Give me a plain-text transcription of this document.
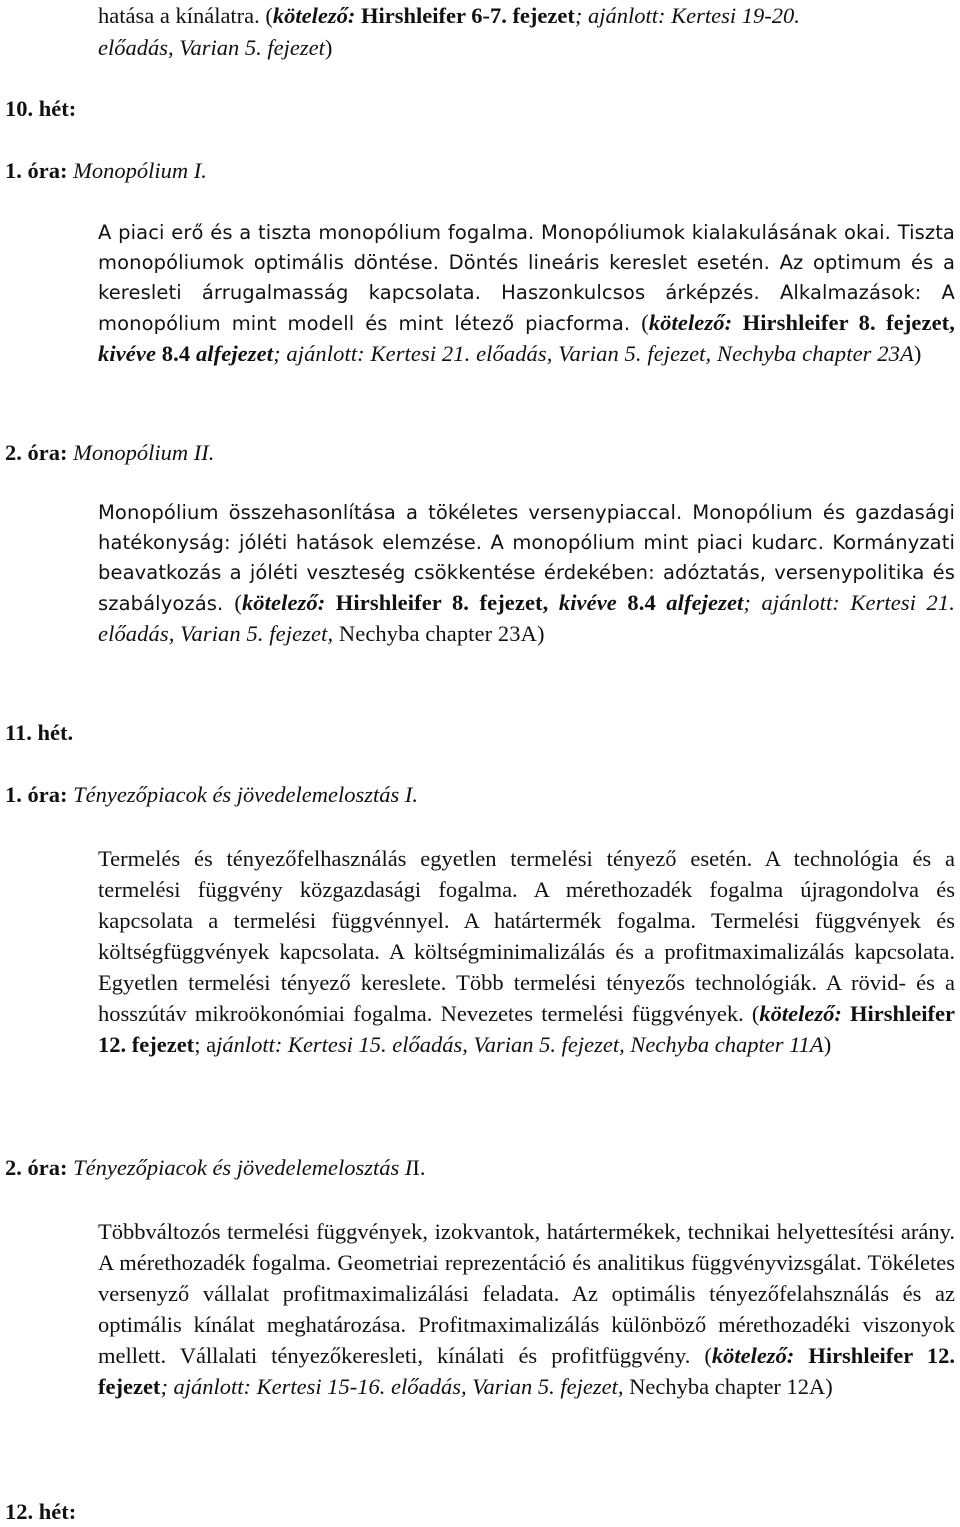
hatása a kínálatra. (kötelező: Hirshleifer 6-7. fejezet; ajánlott: Kertesi 19-20.

előadás, Varian 5. fejezet)

10. hét:

1. óra: Monopólium I.

A piaci erő és a tiszta monopólium fogalma. Monopóliumok kialakulásának okai. Tiszta monopóliumok optimális döntése. Döntés lineáris kereslet esetén. Az optimum és a keresleti árrugalmasság kapcsolata. Haszonkulcsos árképzés. Alkalmazások: A monopólium mint modell és mint létező piacforma. (kötelező: Hirshleifer 8. fejezet, kivéve 8.4 alfejezet; ajánlott: Kertesi 21. előadás, Varian 5. fejezet, Nechyba chapter 23A)

2. óra: Monopólium II.

Monopólium összehasonlítása a tökéletes versenypiaccal. Monopólium és gazdasági hatékonyság: jóléti hatások elemzése. A monopólium mint piaci kudarc. Kormányzati beavatkozás a jóléti veszteség csökkentése érdekében: adóztatás, versenypolitika és szabályozás. (kötelező: Hirshleifer 8. fejezet, kivéve 8.4 alfejezet; ajánlott: Kertesi 21. előadás, Varian 5. fejezet, Nechyba chapter 23A)

11. hét.

1. óra: Tényezőpiacok és jövedelemelosztás I.

Termelés és tényezőfelhasználás egyetlen termelési tényező esetén. A technológia és a termelési függvény közgazdasági fogalma. A mérethozadék fogalma újragondolva és kapcsolata a termelési függvénnyel. A határtermék fogalma. Termelési függvények és költségfüggvények kapcsolata. A költségminimalizálás és a profitmaximalizálás kapcsolata. Egyetlen termelési tényező kereslete. Több termelési tényezős technológiák. A rövid- és a hosszútáv mikroökonómiai fogalma. Nevezetes termelési függvények. (kötelező: Hirshleifer 12. fejezet; ajánlott: Kertesi 15. előadás, Varian 5. fejezet, Nechyba chapter 11A)

2. óra: Tényezőpiacok és jövedelemelosztás II.

Többváltozós termelési függvények, izokvantok, határtermékek, technikai helyettesítési arány. A mérethozadék fogalma. Geometriai reprezentáció és analitikus függvényvizsgálat. Tökéletes versenyző vállalat profitmaximalizálási feladata. Az optimális tényezőfelahsználás és az optimális kínálat meghatározása. Profitmaximalizálás különböző mérethozadéki viszonyok mellett. Vállalati tényezőkeresleti, kínálati és profitfüggvény. (kötelező: Hirshleifer 12. fejezet; ajánlott: Kertesi 15-16. előadás, Varian 5. fejezet, Nechyba chapter 12A)

12. hét:
